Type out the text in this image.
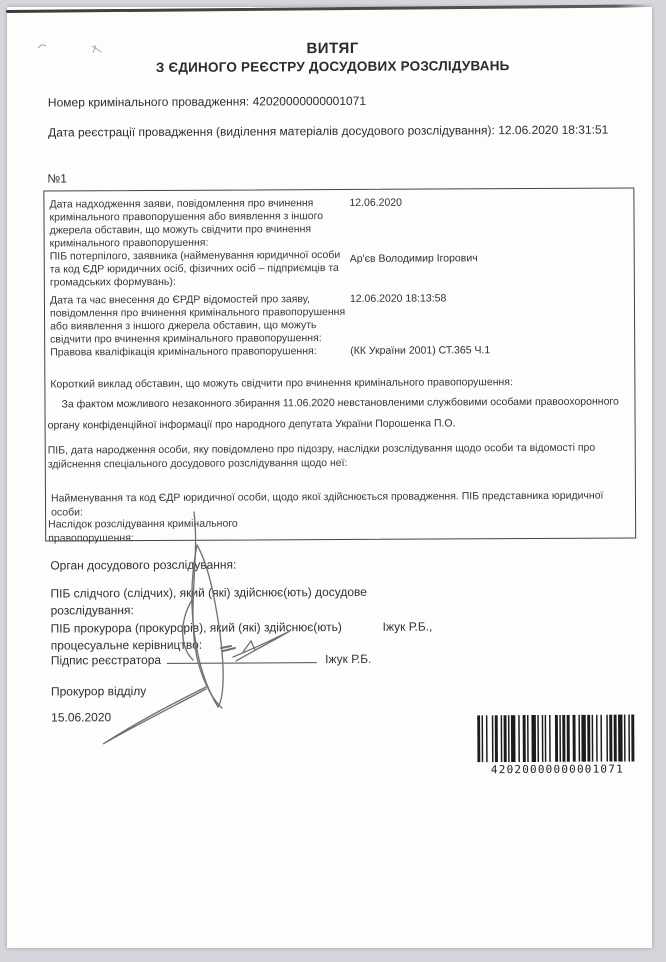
ВИТЯГ
З ЄДИНОГО РЕЄСТРУ ДОСУДОВИХ РОЗСЛІДУВАНЬ
Номер кримінального провадження: 42020000000001071
Дата реєстрації провадження (виділення матеріалів досудового розслідування): 12.06.2020 18:31:51
№1
Дата надходження заяви, повідомлення про вчинення кримінального правопорушення або виявлення з іншого джерела обставин, що можуть свідчити про вчинення кримінального правопорушення:
12.06.2020
ПІБ потерпілого, заявника (найменування юридичної особи та код ЄДР юридичних осіб, фізичних осіб – підприємців та громадських формувань):
Ар'єв Володимир Ігорович
Дата та час внесення до ЄРДР відомостей про заяву, повідомлення про вчинення кримінального правопорушення або виявлення з іншого джерела обставин, що можуть свідчити про вчинення кримінального правопорушення:
12.06.2020 18:13:58
Правова кваліфікація кримінального правопорушення:	(КК України 2001) СТ.365 Ч.1
Короткий виклад обставин, що можуть свідчити про вчинення кримінального правопорушення:
За фактом можливого незаконного збирання 11.06.2020 невстановленими службовими особами правоохоронного органу конфіденційної інформації про народного депутата України Порошенка П.О.
ПІБ, дата народження особи, яку повідомлено про підозру, наслідки розслідування щодо особи та відомості про здійснення спеціального досудового розслідування щодо неї:
Найменування та код ЄДР юридичної особи, щодо якої здійснюється провадження. ПІБ представника юридичної особи:
Наслідок розслідування кримінального правопорушення:
Орган досудового розслідування:
ПІБ слідчого (слідчих), який (які) здійснює(ють) досудове розслідування:
ПІБ прокурора (прокурорів), який (які) здійснює(ють) процесуальне керівництво:
Іжук Р.Б.,
Підпис реєстратора	Іжук Р.Б.
Прокурор відділу
15.06.2020
42020000000001071
